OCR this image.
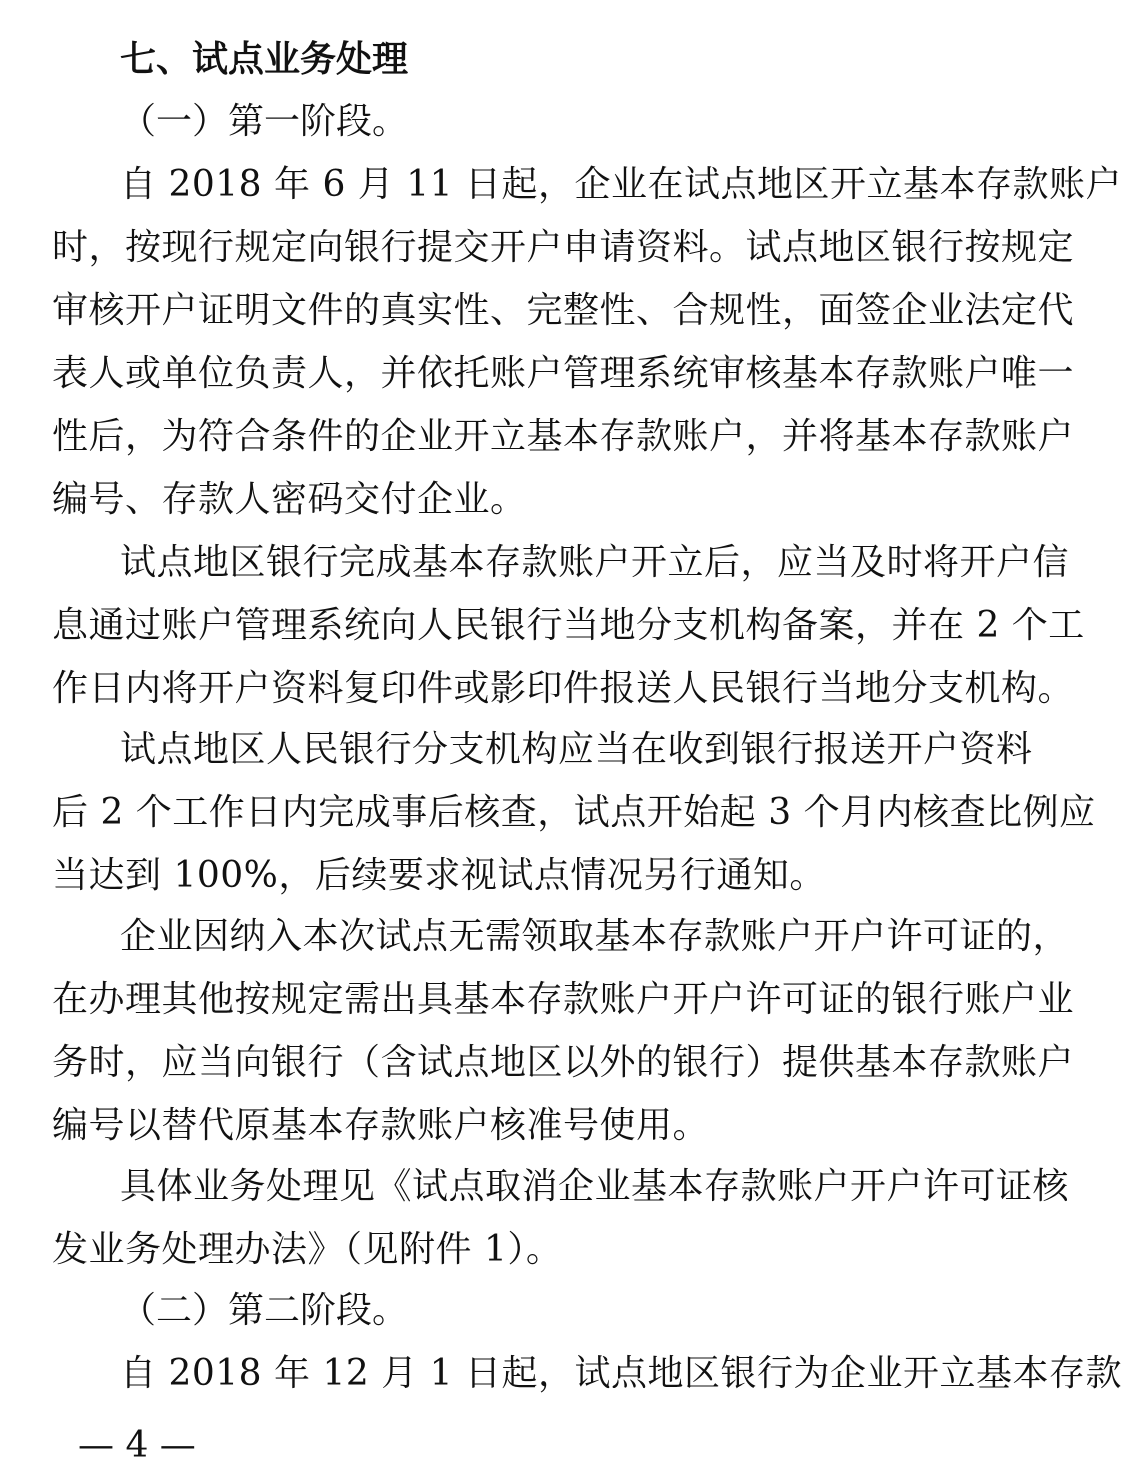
七、试点业务处理
（一）第一阶段。
自 2018 年 6 月 11 日起，企业在试点地区开立基本存款账户
时，按现行规定向银行提交开户申请资料。试点地区银行按规定
审核开户证明文件的真实性、完整性、合规性，面签企业法定代
表人或单位负责人，并依托账户管理系统审核基本存款账户唯一
性后，为符合条件的企业开立基本存款账户，并将基本存款账户
编号、存款人密码交付企业。
试点地区银行完成基本存款账户开立后，应当及时将开户信
息通过账户管理系统向人民银行当地分支机构备案，并在 2 个工
作日内将开户资料复印件或影印件报送人民银行当地分支机构。
试点地区人民银行分支机构应当在收到银行报送开户资料
后 2 个工作日内完成事后核查，试点开始起 3 个月内核查比例应
当达到 100%，后续要求视试点情况另行通知。
企业因纳入本次试点无需领取基本存款账户开户许可证的，
在办理其他按规定需出具基本存款账户开户许可证的银行账户业
务时，应当向银行（含试点地区以外的银行）提供基本存款账户
编号以替代原基本存款账户核准号使用。
具体业务处理见《试点取消企业基本存款账户开户许可证核
发业务处理办法》（见附件 1）。
（二）第二阶段。
自 2018 年 12 月 1 日起，试点地区银行为企业开立基本存款
— 4 —
